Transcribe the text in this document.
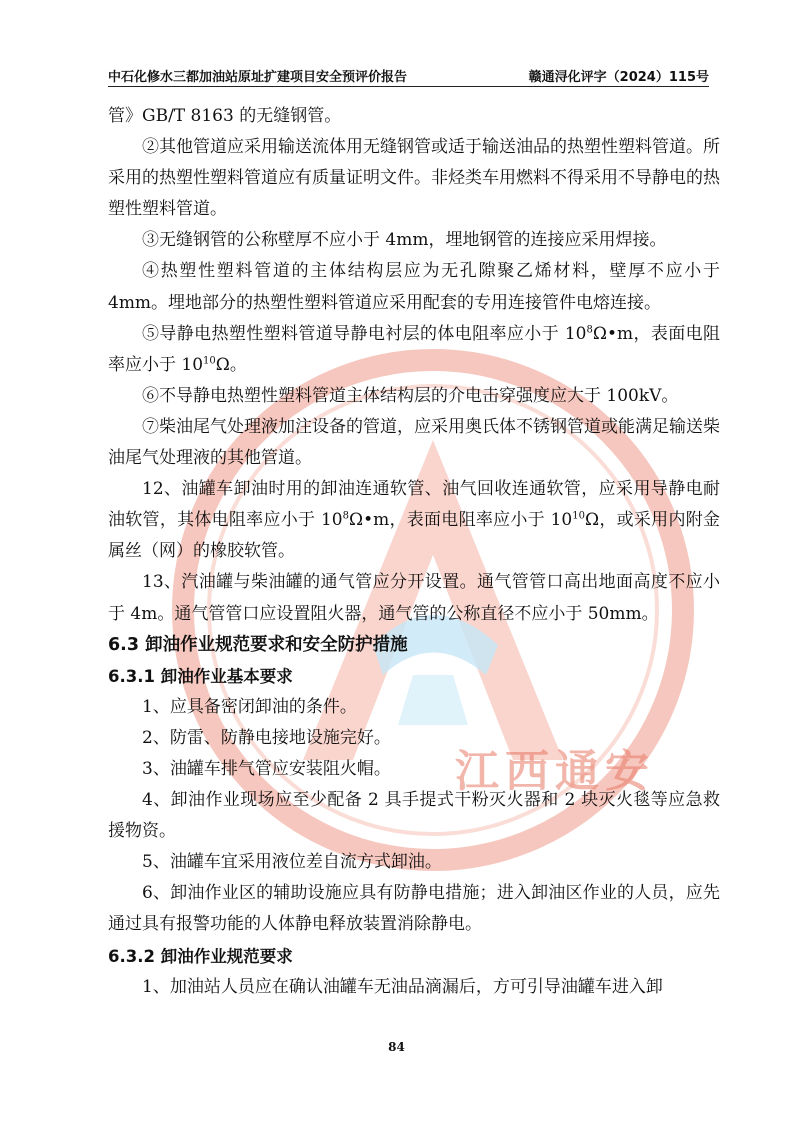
中石化修水三都加油站原址扩建项目安全预评价报告	赣通浔化评字（2024）115号
江西通安

管》GB/T 8163 的无缝钢管。

②其他管道应采用输送流体用无缝钢管或适于输送油品的热塑性塑料管道。所采用的热塑性塑料管道应有质量证明文件。非烃类车用燃料不得采用不导静电的热塑性塑料管道。

③无缝钢管的公称壁厚不应小于 4mm，埋地钢管的连接应采用焊接。

④热塑性塑料管道的主体结构层应为无孔隙聚乙烯材料，壁厚不应小于 4mm。埋地部分的热塑性塑料管道应采用配套的专用连接管件电熔连接。

⑤导静电热塑性塑料管道导静电衬层的体电阻率应小于 $10^8\Omega•m$，表面电阻率应小于 $10^{10}\Omega$。

⑥不导静电热塑性塑料管道主体结构层的介电击穿强度应大于 100kV。

⑦柴油尾气处理液加注设备的管道，应采用奥氏体不锈钢管道或能满足输送柴油尾气处理液的其他管道。

12、油罐车卸油时用的卸油连通软管、油气回收连通软管，应采用导静电耐油软管，其体电阻率应小于 $10^8\Omega•m$，表面电阻率应小于 $10^{10}\Omega$，或采用内附金属丝（网）的橡胶软管。

13、汽油罐与柴油罐的通气管应分开设置。通气管管口高出地面高度不应小于 4m。通气管管口应设置阻火器，通气管的公称直径不应小于 50mm。

6.3 卸油作业规范要求和安全防护措施

6.3.1 卸油作业基本要求

1、应具备密闭卸油的条件。

2、防雷、防静电接地设施完好。

3、油罐车排气管应安装阻火帽。

4、卸油作业现场应至少配备 2 具手提式干粉灭火器和 2 块灭火毯等应急救援物资。

5、油罐车宜采用液位差自流方式卸油。

6、卸油作业区的辅助设施应具有防静电措施；进入卸油区作业的人员，应先通过具有报警功能的人体静电释放装置消除静电。

6.3.2 卸油作业规范要求

1、加油站人员应在确认油罐车无油品滴漏后，方可引导油罐车进入卸

84
